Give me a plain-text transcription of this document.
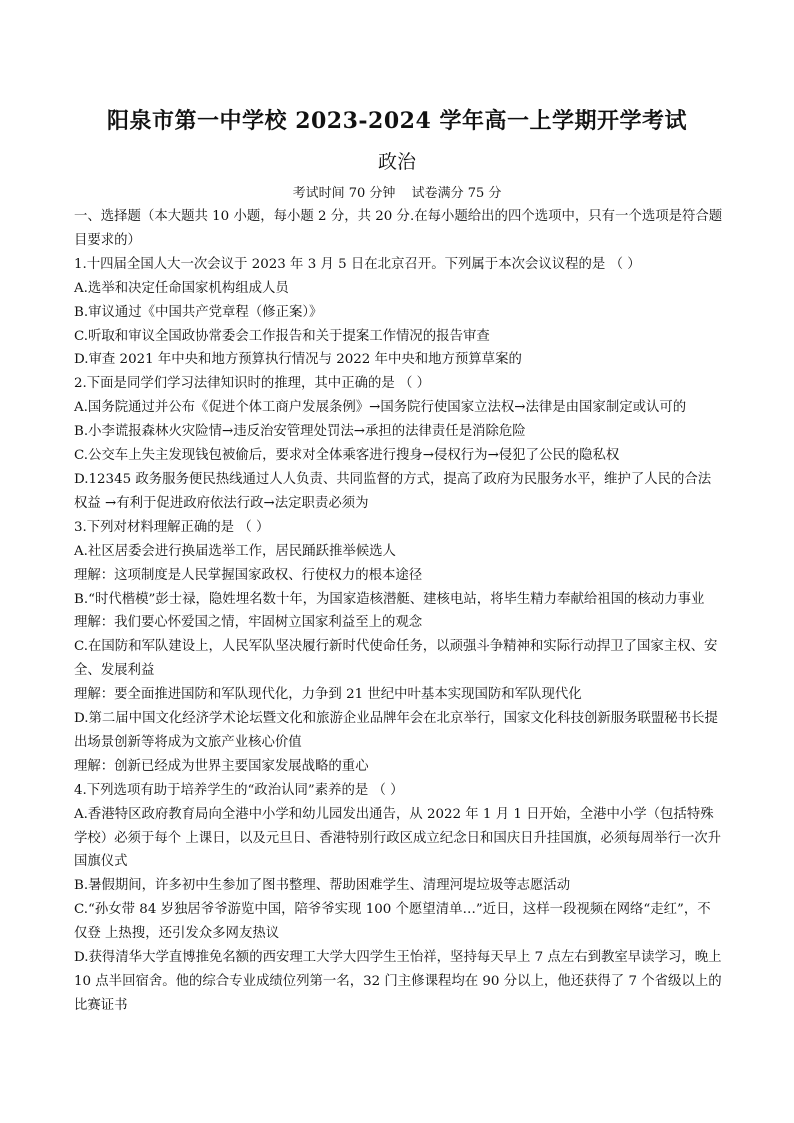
阳泉市第一中学校 2023-2024 学年高一上学期开学考试
政治
考试时间 70 分钟 试卷满分 75 分

一、选择题（本大题共 10 小题，每小题 2 分，共 20 分.在每小题给出的四个选项中，只有一个选项是符合题目要求的）

1.十四届全国人大一次会议于 2023 年 3 月 5 日在北京召开。下列属于本次会议议程的是 （ ）

A.选举和决定任命国家机构组成人员

B.审议通过《中国共产党章程（修正案）》

C.听取和审议全国政协常委会工作报告和关于提案工作情况的报告审查

D.审查 2021 年中央和地方预算执行情况与 2022 年中央和地方预算草案的

2.下面是同学们学习法律知识时的推理，其中正确的是 （ ）

A.国务院通过并公布《促进个体工商户发展条例》→国务院行使国家立法权→法律是由国家制定或认可的

B.小李谎报森林火灾险情→违反治安管理处罚法→承担的法律责任是消除危险

C.公交车上失主发现钱包被偷后，要求对全体乘客进行搜身→侵权行为→侵犯了公民的隐私权

D.12345 政务服务便民热线通过人人负责、共同监督的方式，提高了政府为民服务水平，维护了人民的合法权益 →有利于促进政府依法行政→法定职责必须为

3.下列对材料理解正确的是 （ ）

A.社区居委会进行换届选举工作，居民踊跃推举候选人

理解：这项制度是人民掌握国家政权、行使权力的根本途径

B.“时代楷模”彭士禄，隐姓埋名数十年，为国家造核潜艇、建核电站，将毕生精力奉献给祖国的核动力事业

理解：我们要心怀爱国之情，牢固树立国家利益至上的观念

C.在国防和军队建设上，人民军队坚决履行新时代使命任务，以顽强斗争精神和实际行动捍卫了国家主权、安全、发展利益

理解：要全面推进国防和军队现代化，力争到 21 世纪中叶基本实现国防和军队现代化

D.第二届中国文化经济学术论坛暨文化和旅游企业品牌年会在北京举行，国家文化科技创新服务联盟秘书长提出场景创新等将成为文旅产业核心价值

理解：创新已经成为世界主要国家发展战略的重心

4.下列选项有助于培养学生的“政治认同”素养的是 （ ）

A.香港特区政府教育局向全港中小学和幼儿园发出通告，从 2022 年 1 月 1 日开始，全港中小学（包括特殊学校）必须于每个 上课日，以及元旦日、香港特别行政区成立纪念日和国庆日升挂国旗，必须每周举行一次升国旗仪式

B.暑假期间，许多初中生参加了图书整理、帮助困难学生、清理河堤垃圾等志愿活动

C.“孙女带 84 岁独居爷爷游览中国，陪爷爷实现 100 个愿望清单…”近日，这样一段视频在网络“走红”，不仅登 上热搜，还引发众多网友热议

D.获得清华大学直博推免名额的西安理工大学大四学生王怡祥，坚持每天早上 7 点左右到教室早读学习，晚上 10 点半回宿舍。他的综合专业成绩位列第一名，32 门主修课程均在 90 分以上，他还获得了 7 个省级以上的比赛证书
